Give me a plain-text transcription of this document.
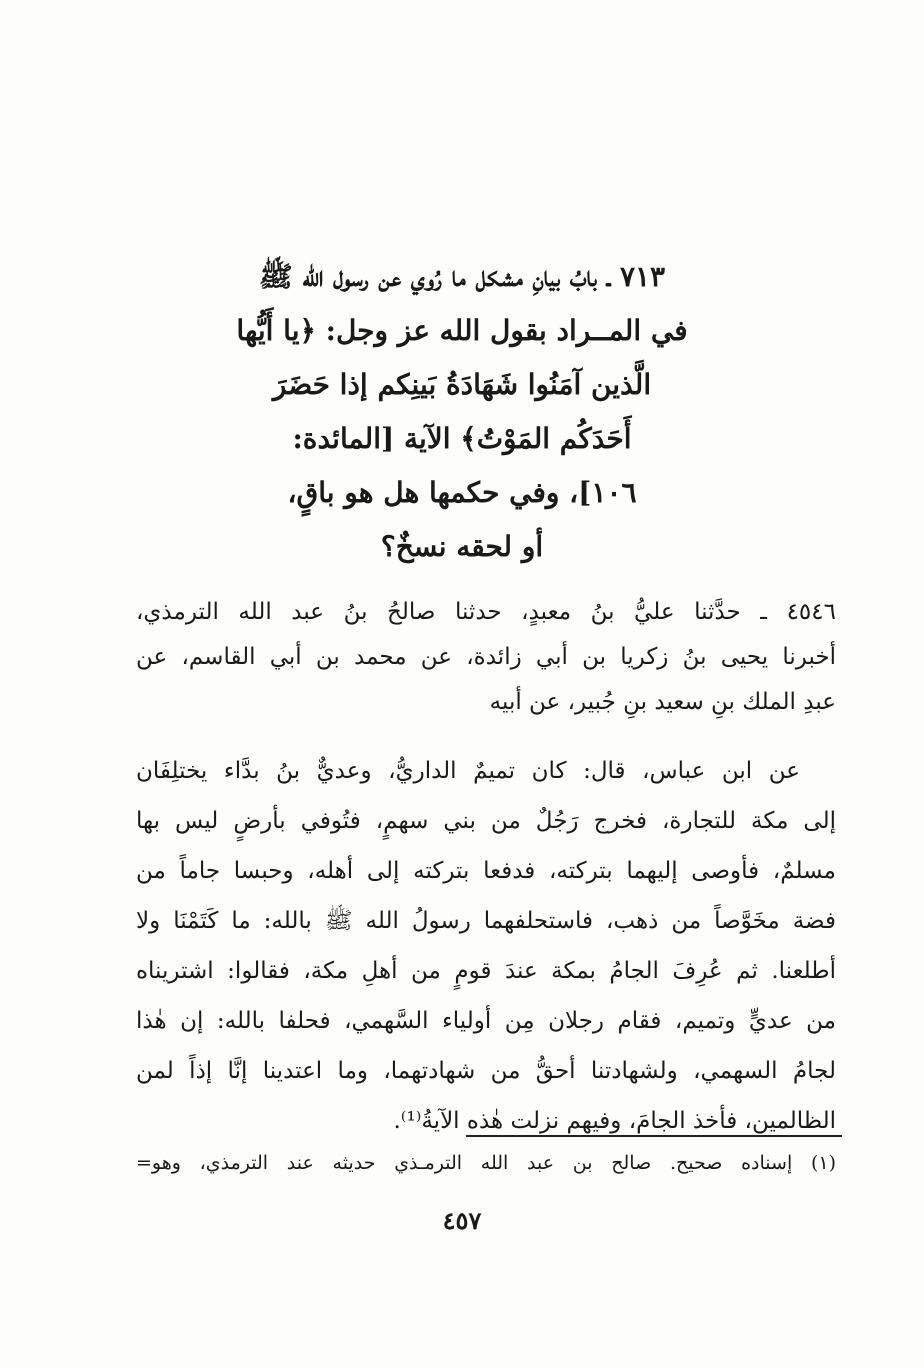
٧١٣ ـ بابُ بيانِ مشكل ما رُوي عن رسول الله ﷺ
في المــراد بقول الله عز وجل: ﴿يا أَيُّها
الَّذين آمَنُوا شَهَادَةُ بَينِكم إذا حَضَرَ
أَحَدَكُم المَوْتُ﴾ الآية [المائدة:
١٠٦]، وفي حكمها هل هو باقٍ،
أو لحقه نسخٌ؟
٤٥٤٦ ـ حدَّثنا عليُّ بنُ معبدٍ، حدثنا صالحُ بنُ عبد الله الترمذي،
أخبرنا يحيى بنُ زكريا بن أبي زائدة، عن محمد بن أبي القاسم، عن
عبدِ الملك بنِ سعيد بنِ جُبير، عن أبيه
عن ابن عباس، قال: كان تميمٌ الداريُّ، وعديٌّ بنُ بدَّاء يختلِفَان
إلى مكة للتجارة، فخرج رَجُلٌ من بني سهمٍ، فتُوفي بأرضٍ ليس بها
مسلمٌ، فأوصى إليهما بتركته، فدفعا بتركته إلى أهله، وحبسا جاماً من
فضة مخَوَّصاً من ذهب، فاستحلفهما رسولُ الله ﷺ بالله: ما كَتَمْنَا ولا
أطلعنا. ثم عُرِفَ الجامُ بمكة عندَ قومٍ من أهلِ مكة، فقالوا: اشتريناه
من عديٍّ وتميم، فقام رجلان مِن أولياء السَّهمي، فحلفا بالله: إن هٰذا
لجامُ السهمي، ولشهادتنا أحقُّ من شهادتهما، وما اعتدينا إنَّا إذاً لمن
الظالمين، فأخذ الجامَ، وفيهم نزلت هٰذه الآيةُ⁽¹⁾.
(١) إسناده صحيح. صالح بن عبد الله الترمـذي حديثه عند الترمذي، وهو=
٤٥٧
